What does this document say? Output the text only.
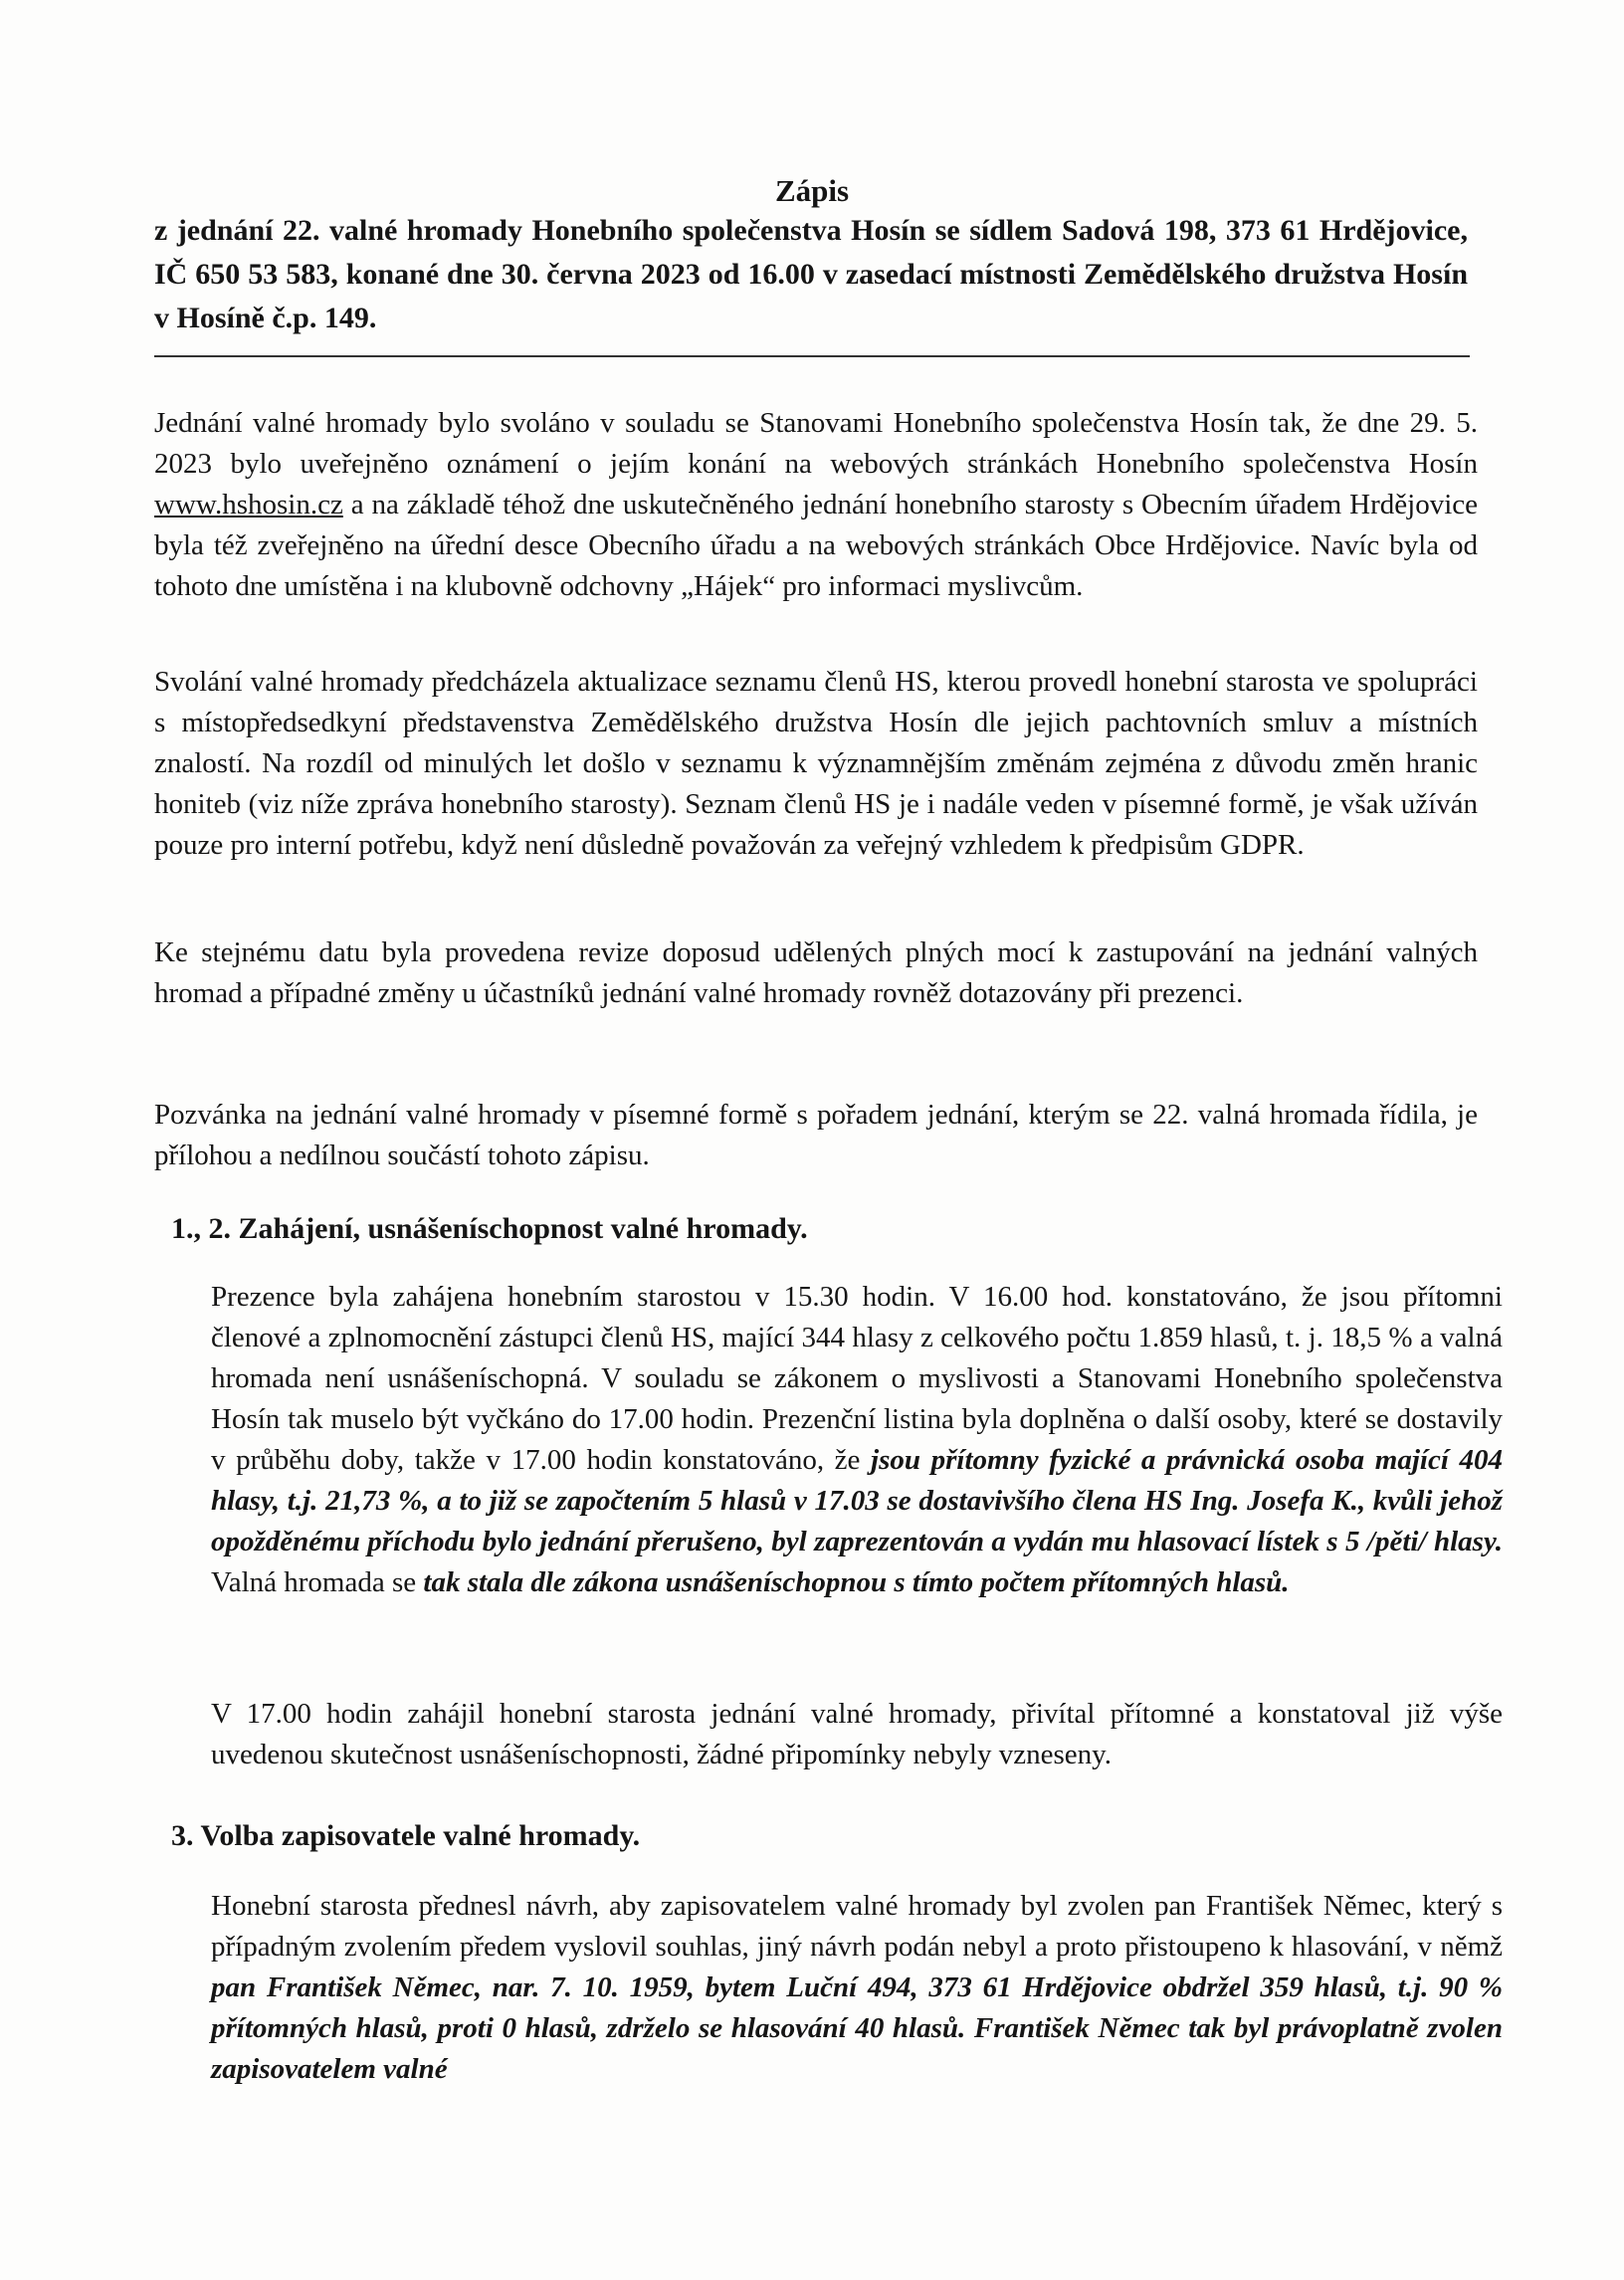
Zápis
z jednání 22. valné hromady Honebního společenstva Hosín se sídlem Sadová 198, 373 61 Hrdějovice, IČ 650 53 583, konané dne 30. června 2023 od 16.00 v zasedací místnosti Zemědělského družstva Hosín v Hosíně č.p. 149.

Jednání valné hromady bylo svoláno v souladu se Stanovami Honebního společenstva Hosín tak, že dne 29. 5. 2023 bylo uveřejněno oznámení o jejím konání na webových stránkách Honebního společenstva Hosín www.hshosin.cz a na základě téhož dne uskutečněného jednání honebního starosty s Obecním úřadem Hrdějovice byla též zveřejněno na úřední desce Obecního úřadu a na webových stránkách Obce Hrdějovice. Navíc byla od tohoto dne umístěna i na klubovně odchovny „Hájek“ pro informaci myslivcům.

Svolání valné hromady předcházela aktualizace seznamu členů HS, kterou provedl honební starosta ve spolupráci s místopředsedkyní představenstva Zemědělského družstva Hosín dle jejich pachtovních smluv a místních znalostí. Na rozdíl od minulých let došlo v seznamu k významnějším změnám zejména z důvodu změn hranic honiteb (viz níže zpráva honebního starosty). Seznam členů HS je i nadále veden v písemné formě, je však užíván pouze pro interní potřebu, když není důsledně považován za veřejný vzhledem k předpisům GDPR.
Ke stejnému datu byla provedena revize doposud udělených plných mocí k zastupování na jednání valných hromad a případné změny u účastníků jednání valné hromady rovněž dotazovány při prezenci.
Pozvánka na jednání valné hromady v písemné formě s pořadem jednání, kterým se 22. valná hromada řídila, je přílohou a nedílnou součástí tohoto zápisu.
1., 2. Zahájení, usnášeníschopnost valné hromady.

Prezence byla zahájena honebním starostou v 15.30 hodin. V 16.00 hod. konstatováno, že jsou přítomni členové a zplnomocnění zástupci členů HS, mající 344 hlasy z celkového počtu 1.859 hlasů, t. j. 18,5 % a valná hromada není usnášeníschopná. V souladu se zákonem o myslivosti a Stanovami Honebního společenstva Hosín tak muselo být vyčkáno do 17.00 hodin. Prezenční listina byla doplněna o další osoby, které se dostavily v průběhu doby, takže v 17.00 hodin konstatováno, že jsou přítomny fyzické a právnická osoba mající 404 hlasy, t.j. 21,73 %, a to již se započtením 5 hlasů v 17.03 se dostavivšího člena HS Ing. Josefa K., kvůli jehož opožděnému příchodu bylo jednání přerušeno, byl zaprezentován a vydán mu hlasovací lístek s 5 /pěti/ hlasy. Valná hromada se tak stala dle zákona usnášeníschopnou s tímto počtem přítomných hlasů.

V 17.00 hodin zahájil honební starosta jednání valné hromady, přivítal přítomné a konstatoval již výše uvedenou skutečnost usnášeníschopnosti, žádné připomínky nebyly vzneseny.
3. Volba zapisovatele valné hromady.

Honební starosta přednesl návrh, aby zapisovatelem valné hromady byl zvolen pan František Němec, který s případným zvolením předem vyslovil souhlas, jiný návrh podán nebyl a proto přistoupeno k hlasování, v němž pan František Němec, nar. 7. 10. 1959, bytem Luční 494, 373 61 Hrdějovice obdržel 359 hlasů, t.j. 90 % přítomných hlasů, proti 0 hlasů, zdrželo se hlasování 40 hlasů. František Němec tak byl právoplatně zvolen zapisovatelem valné
